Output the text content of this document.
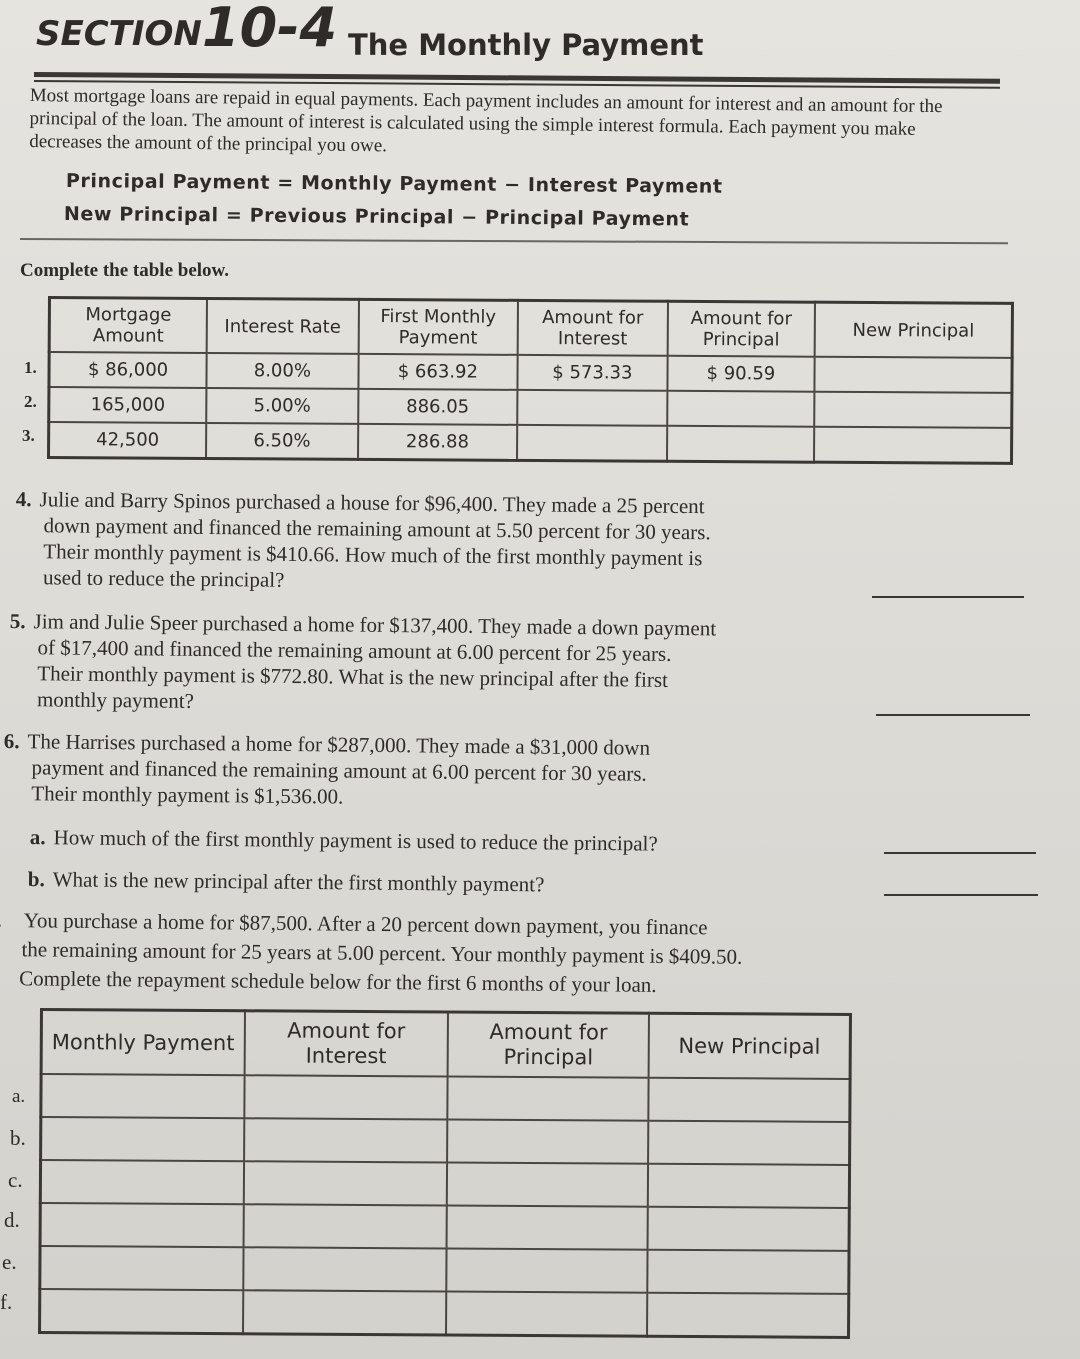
SECTION 10-4 The Monthly Payment
Most mortgage loans are repaid in equal payments. Each payment includes an amount for interest and an amount for the principal of the loan. The amount of interest is calculated using the simple interest formula. Each payment you make decreases the amount of the principal you owe.
Principal Payment = Monthly Payment − Interest Payment
New Principal = Previous Principal − Principal Payment
Complete the table below.
1.
2.
3.
Mortgage Amount	Interest Rate	First Monthly Payment	Amount for Interest	Amount for Principal	New Principal
$ 86,000	8.00%	$ 663.92	$ 573.33	$ 90.59	
165,000	5.00%	886.05			
42,500	6.50%	286.88			
4. Julie and Barry Spinos purchased a house for $96,400. They made a 25 percent
down payment and financed the remaining amount at 5.50 percent for 30 years.
Their monthly payment is $410.66. How much of the first monthly payment is
used to reduce the principal?
5. Jim and Julie Speer purchased a home for $137,400. They made a down payment
of $17,400 and financed the remaining amount at 6.00 percent for 25 years.
Their monthly payment is $772.80. What is the new principal after the first
monthly payment?
6. The Harrises purchased a home for $287,000. They made a $31,000 down
payment and financed the remaining amount at 6.00 percent for 30 years.
Their monthly payment is $1,536.00.
a. How much of the first monthly payment is used to reduce the principal?
b. What is the new principal after the first monthly payment?
You purchase a home for $87,500. After a 20 percent down payment, you finance
the remaining amount for 25 years at 5.00 percent. Your monthly payment is $409.50.
Complete the repayment schedule below for the first 6 months of your loan.
a.
b.
c.
d.
e.
f.
Monthly Payment	Amount for Interest	Amount for Principal	New Principal
